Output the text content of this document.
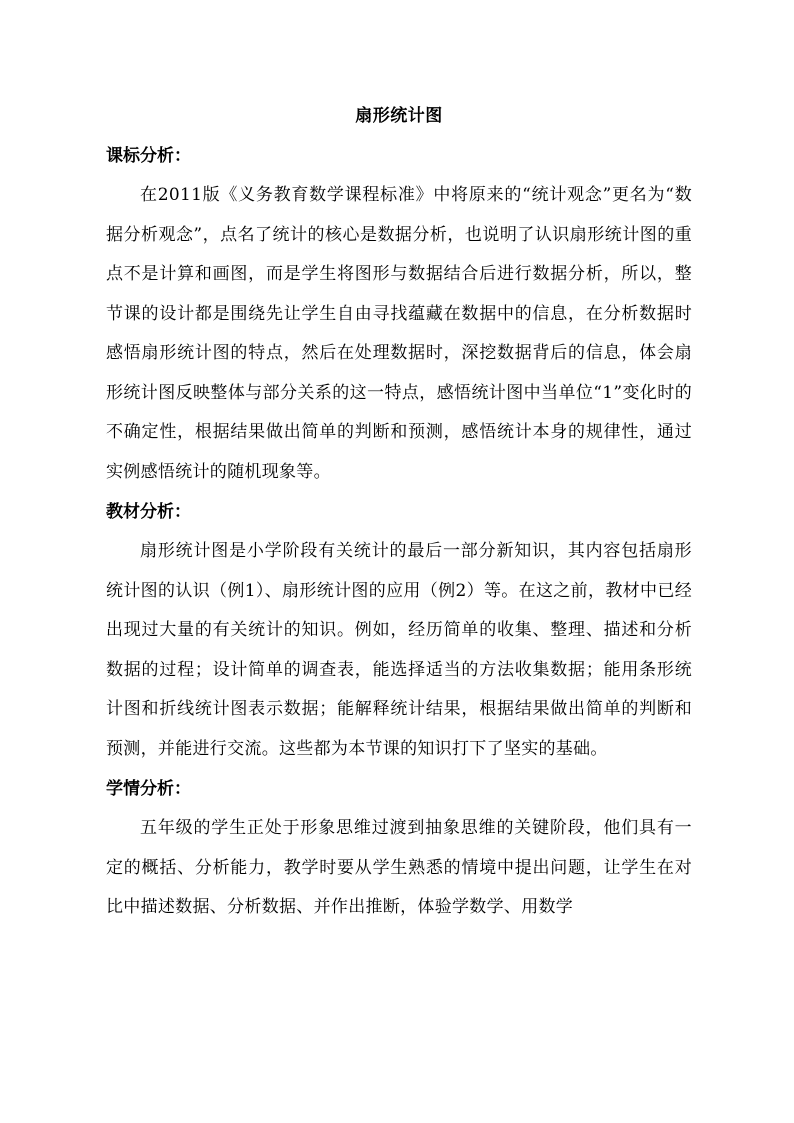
扇形统计图

课标分析：

在2011版《义务教育数学课程标准》中将原来的“统计观念”更名为“数据分析观念”，点名了统计的核心是数据分析，也说明了认识扇形统计图的重点不是计算和画图，而是学生将图形与数据结合后进行数据分析，所以，整节课的设计都是围绕先让学生自由寻找蕴藏在数据中的信息，在分析数据时感悟扇形统计图的特点，然后在处理数据时，深挖数据背后的信息，体会扇形统计图反映整体与部分关系的这一特点，感悟统计图中当单位“1”变化时的不确定性，根据结果做出简单的判断和预测，感悟统计本身的规律性，通过实例感悟统计的随机现象等。

教材分析：

扇形统计图是小学阶段有关统计的最后一部分新知识，其内容包括扇形统计图的认识（例1）、扇形统计图的应用（例2）等。在这之前，教材中已经出现过大量的有关统计的知识。例如，经历简单的收集、整理、描述和分析数据的过程；设计简单的调查表，能选择适当的方法收集数据；能用条形统计图和折线统计图表示数据；能解释统计结果，根据结果做出简单的判断和预测，并能进行交流。这些都为本节课的知识打下了坚实的基础。

学情分析：

五年级的学生正处于形象思维过渡到抽象思维的关键阶段，他们具有一定的概括、分析能力，教学时要从学生熟悉的情境中提出问题，让学生在对比中描述数据、分析数据、并作出推断，体验学数学、用数学
